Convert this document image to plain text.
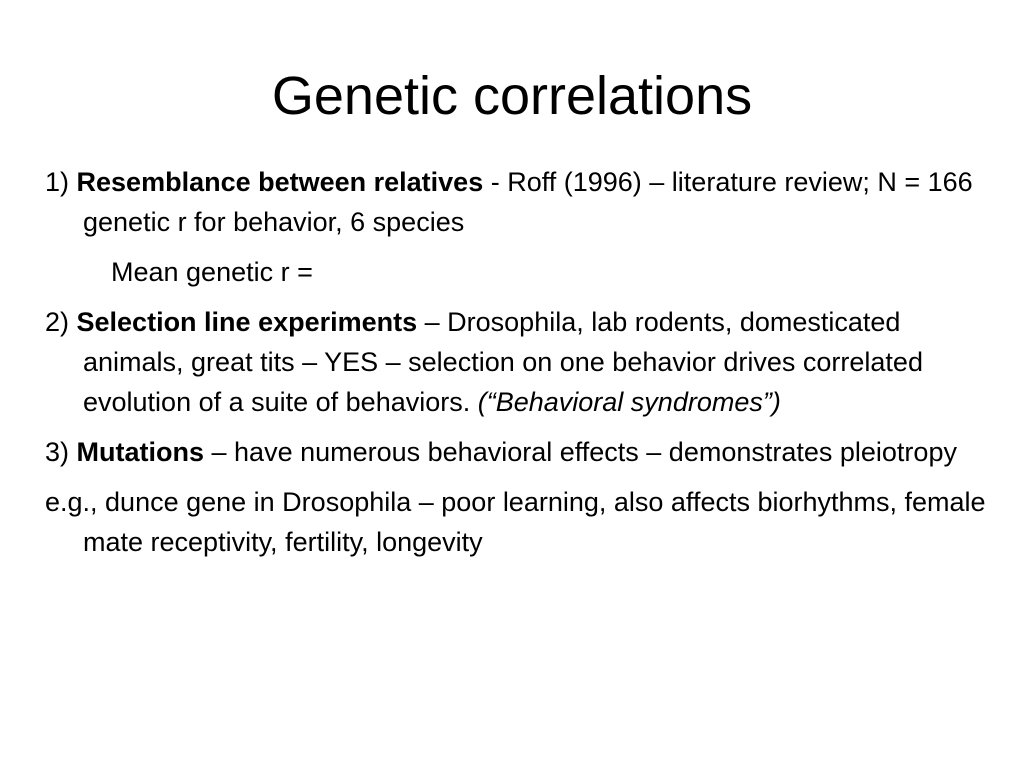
Genetic correlations

1) Resemblance between relatives - Roff (1996) – literature review; N = 166 genetic r for behavior, 6 species

Mean genetic r =

2) Selection line experiments – Drosophila, lab rodents, domesticated animals, great tits – YES – selection on one behavior drives correlated evolution of a suite of behaviors. (“Behavioral syndromes”)

3) Mutations – have numerous behavioral effects – demonstrates pleiotropy

e.g., dunce gene in Drosophila – poor learning, also affects biorhythms, female mate receptivity, fertility, longevity
